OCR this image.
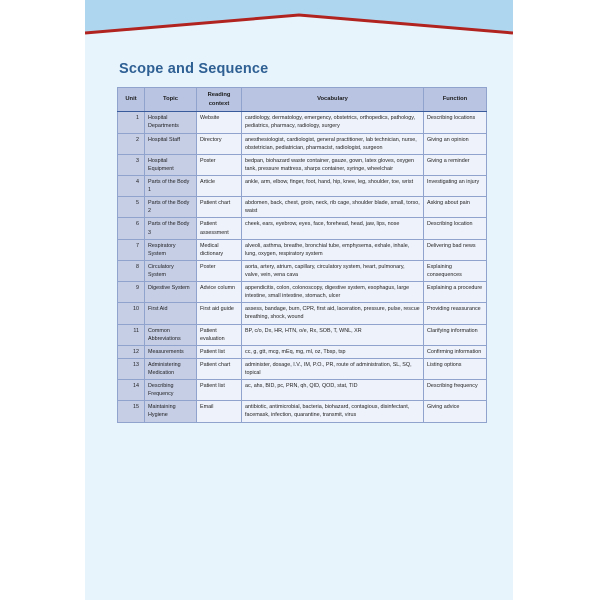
Scope and Sequence
Unit	Topic	Reading context	Vocabulary	Function
1	Hospital Departments	Website	cardiology, dermatology, emergency, obstetrics, orthopedics, pathology, pediatrics, pharmacy, radiology, surgery	Describing locations
2	Hospital Staff	Directory	anesthesiologist, cardiologist, general practitioner, lab technician, nurse, obstetrician, pediatrician, pharmacist, radiologist, surgeon	Giving an opinion
3	Hospital Equipment	Poster	bedpan, biohazard waste container, gauze, gown, latex gloves, oxygen tank, pressure mattress, sharps container, syringe, wheelchair	Giving a reminder
4	Parts of the Body 1	Article	ankle, arm, elbow, finger, foot, hand, hip, knee, leg, shoulder, toe, wrist	Investigating an injury
5	Parts of the Body 2	Patient chart	abdomen, back, chest, groin, neck, rib cage, shoulder blade, small, torso, waist	Asking about pain
6	Parts of the Body 3	Patient assessment	cheek, ears, eyebrow, eyes, face, forehead, head, jaw, lips, nose	Describing location
7	Respiratory System	Medical dictionary	alveoli, asthma, breathe, bronchial tube, emphysema, exhale, inhale, lung, oxygen, respiratory system	Delivering bad news
8	Circulatory System	Poster	aorta, artery, atrium, capillary, circulatory system, heart, pulmonary, valve, vein, vena cava	Explaining consequences
9	Digestive System	Advice column	appendicitis, colon, colonoscopy, digestive system, esophagus, large intestine, small intestine, stomach, ulcer	Explaining a procedure
10	First Aid	First aid guide	assess, bandage, burn, CPR, first aid, laceration, pressure, pulse, rescue breathing, shock, wound	Providing reassurance
11	Common Abbreviations	Patient evaluation	BP, c/o, Dx, HR, HTN, o/e, Rx, SOB, T, WNL, XR	Clarifying information
12	Measurements	Patient list	cc, g, gtt, mcg, mEq, mg, ml, oz, Tbsp, tsp	Confirming information
13	Administering Medication	Patient chart	administer, dosage, I.V., IM, P.O., PR, route of administration, SL, SQ, topical	Listing options
14	Describing Frequency	Patient list	ac, ahs, BID, pc, PRN, qh, QID, QOD, stat, TID	Describing frequency
15	Maintaining Hygiene	Email	antibiotic, antimicrobial, bacteria, biohazard, contagious, disinfectant, facemask, infection, quarantine, transmit, virus	Giving advice
